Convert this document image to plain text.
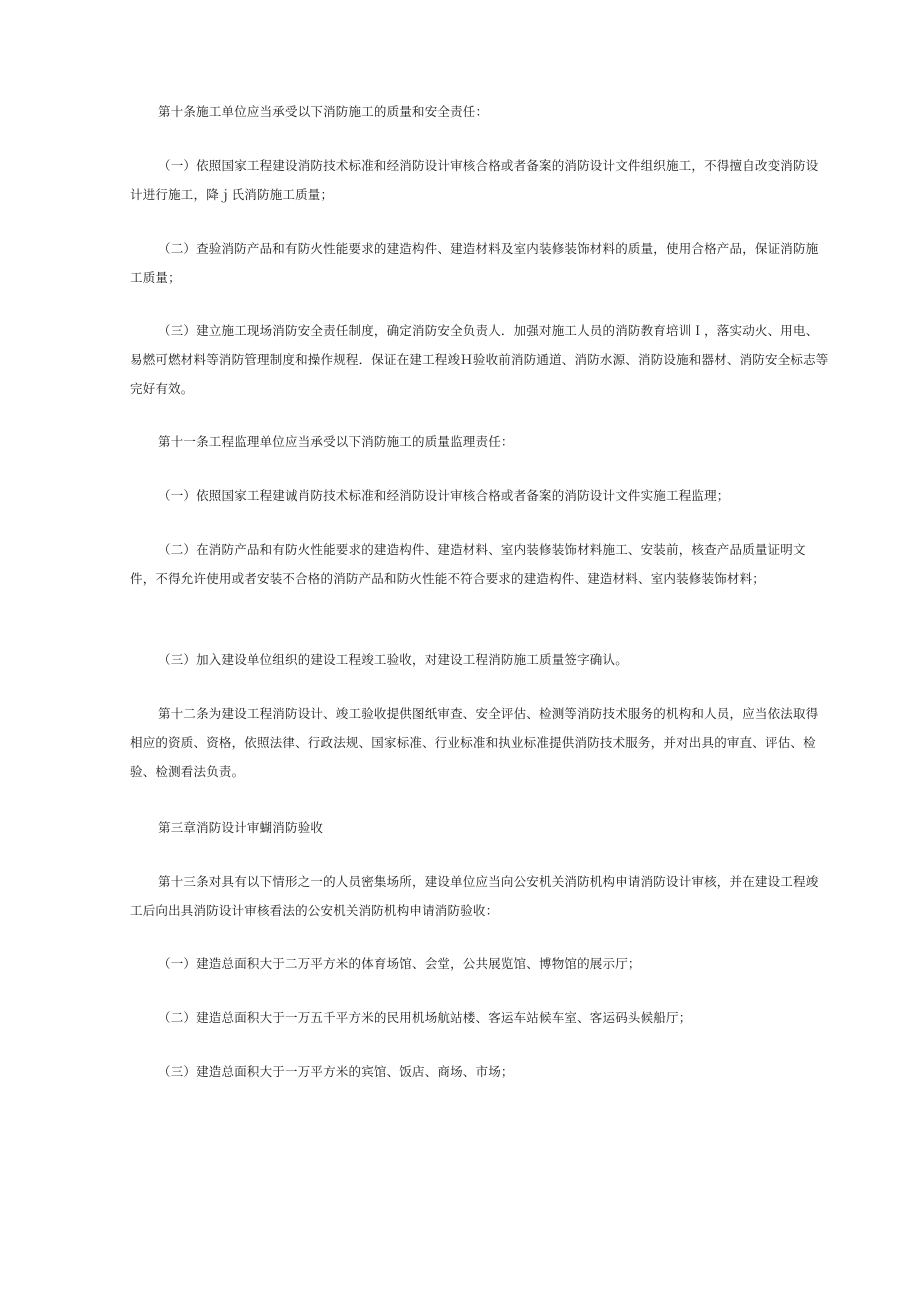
第十条施工单位应当承受以下消防施工的质量和安全责任：

（一）依照国家工程建设消防技术标准和经消防设计审核合格或者备案的消防设计文件组织施工，不得擅自改变消防设计进行施工，降ｊ氏消防施工质量；

（二）查验消防产品和有防火性能要求的建造构件、建造材料及室内装修装饰材料的质量，使用合格产品，保证消防施工质量；

（三）建立施工现场消防安全责任制度，确定消防安全负责人．加强对施工人员的消防教育培训Ｉ，落实动火、用电、易燃可燃材料等消防管理制度和操作规程．保证在建工程竣Ｈ验收前消防通道、消防水源、消防设施和器材、消防安全标志等完好有效。

第十一条工程监理单位应当承受以下消防施工的质量监理责任：

（一）依照国家工程建诚肖防技术标准和经消防设计审核合格或者备案的消防设计文件实施工程监理；

（二）在消防产品和有防火性能要求的建造构件、建造材料、室内装修装饰材料施工、安装前，核查产品质量证明文件，不得允许使用或者安装不合格的消防产品和防火性能不符合要求的建造构件、建造材料、室内装修装饰材料；

（三）加入建设单位组织的建设工程竣工验收，对建设工程消防施工质量签字确认。

第十二条为建设工程消防设计、竣工验收提供图纸审查、安全评估、检测等消防技术服务的机构和人员，应当依法取得相应的资质、资格，依照法律、行政法规、国家标准、行业标准和执业标准提供消防技术服务，并对出具的审直、评估、检验、检测看法负责。

第三章消防设计审蝴消防验收

第十三条对具有以下情形之一的人员密集场所，建设单位应当向公安机关消防机构申请消防设计审核，并在建设工程竣工后向出具消防设计审核看法的公安机关消防机构申请消防验收：

（一）建造总面积大于二万平方米的体育场馆、会堂，公共展览馆、博物馆的展示厅；

（二）建造总面积大于一万五千平方米的民用机场航站楼、客运车站候车室、客运码头候船厅；

（三）建造总面积大于一万平方米的宾馆、饭店、商场、市场；
